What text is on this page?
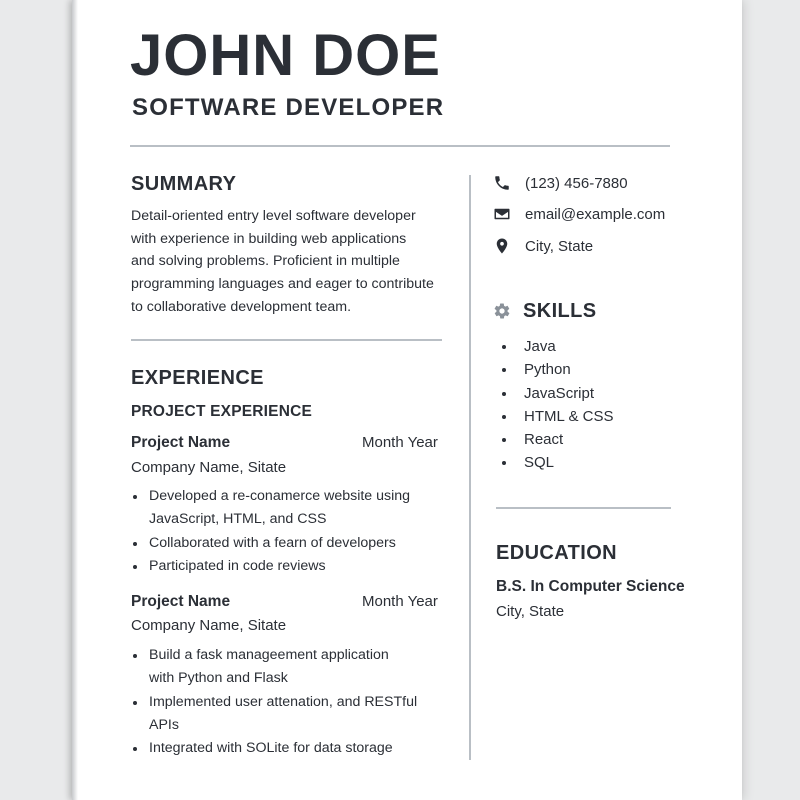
JOHN DOE
SOFTWARE DEVELOPER
SUMMARY
Detail-oriented entry level software developer
with experience in building web applications
and solving problems. Proficient in multiple
programming languages and eager to contribute
to collaborative development team.
EXPERIENCE
PROJECT EXPERIENCE
Project Name	Month Year
Company Name, Sitate
Developed a re-conamerce website using JavaScript, HTML, and CSS
Collaborated with a fearn of developers
Participated in code reviews
Project Name	Month Year
Company Name, Sitate
Build a fask manageement application with Python and Flask
Implemented user attenation, and RESTful APIs
Integrated with SOLite for data storage
(123) 456-7880
email@example.com
City, State
SKILLS
Java
Python
JavaScript
HTML & CSS
React
SQL
EDUCATION
B.S. In Computer Science
City, State
